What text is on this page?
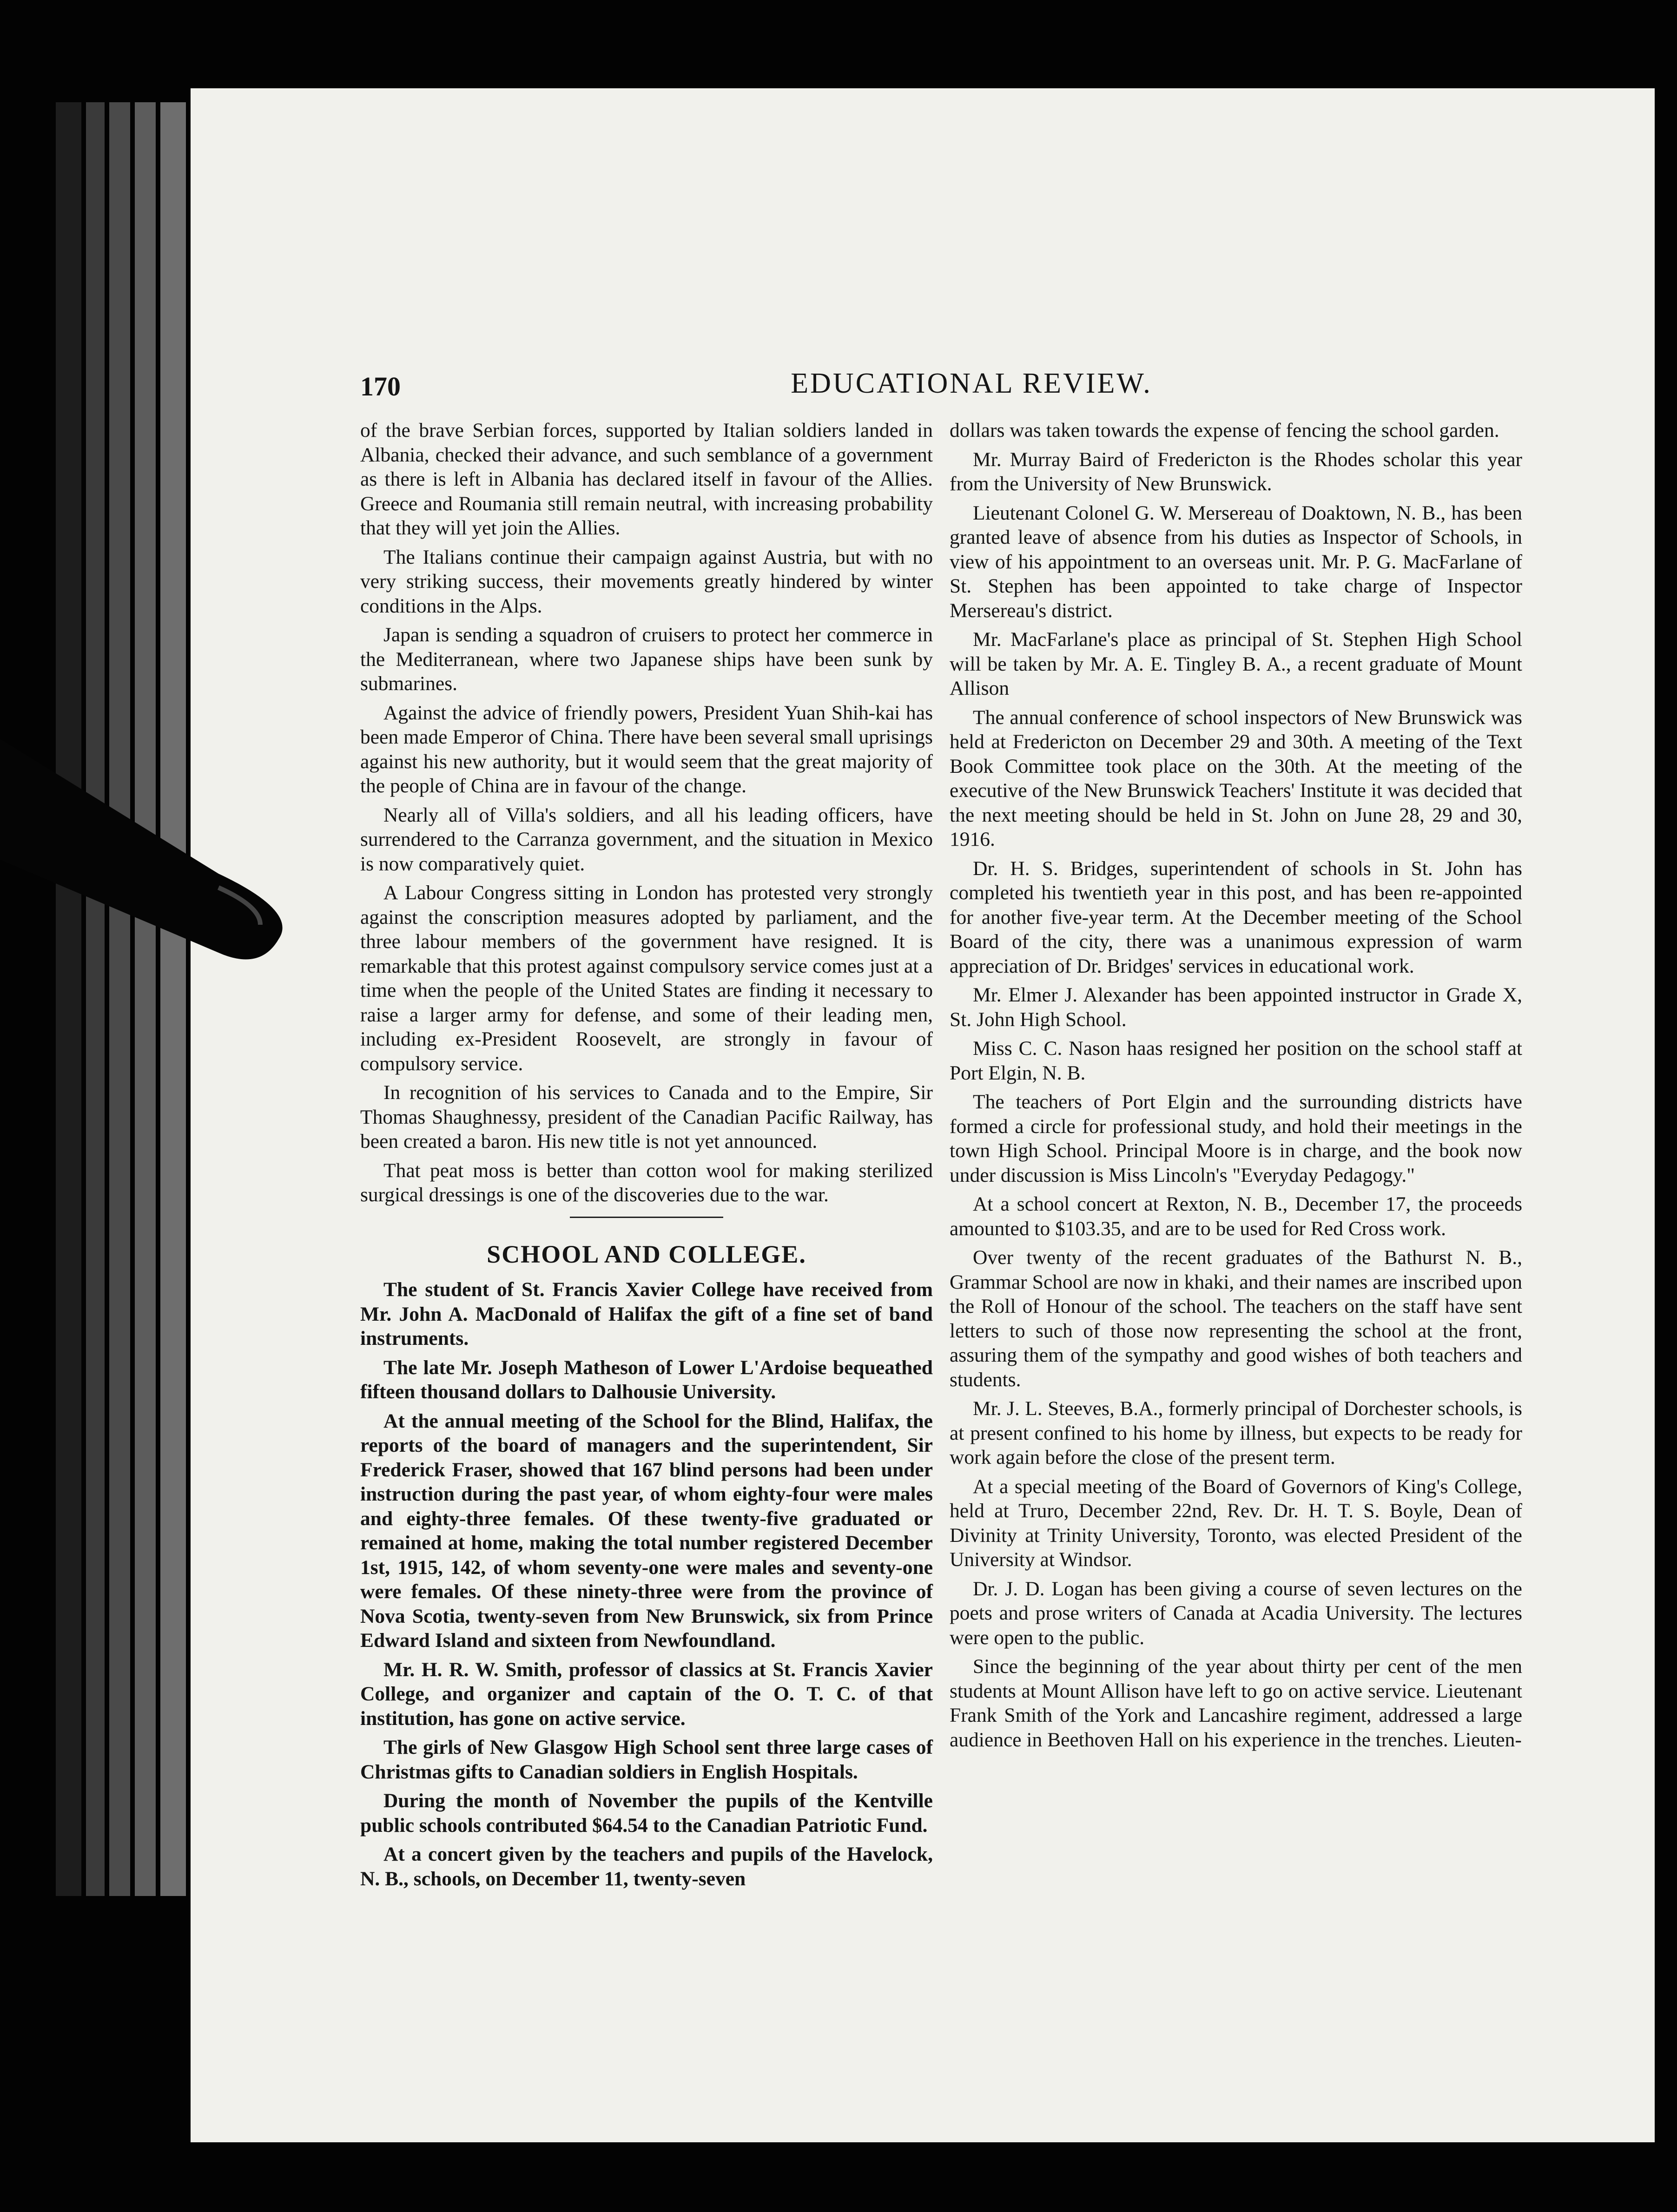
170	EDUCATIONAL REVIEW.

of the brave Serbian forces, supported by Italian soldiers landed in Albania, checked their advance, and such semblance of a government as there is left in Albania has declared itself in favour of the Allies. Greece and Roumania still remain neutral, with increasing probability that they will yet join the Allies.

The Italians continue their campaign against Austria, but with no very striking success, their movements greatly hindered by winter conditions in the Alps.

Japan is sending a squadron of cruisers to protect her commerce in the Mediterranean, where two Japanese ships have been sunk by submarines.

Against the advice of friendly powers, President Yuan Shih-kai has been made Emperor of China. There have been several small uprisings against his new authority, but it would seem that the great majority of the people of China are in favour of the change.

Nearly all of Villa's soldiers, and all his leading officers, have surrendered to the Carranza government, and the situation in Mexico is now comparatively quiet.

A Labour Congress sitting in London has protested very strongly against the conscription measures adopted by parliament, and the three labour members of the government have resigned. It is remarkable that this protest against compulsory service comes just at a time when the people of the United States are finding it necessary to raise a larger army for defense, and some of their leading men, including ex-President Roosevelt, are strongly in favour of compulsory service.

In recognition of his services to Canada and to the Empire, Sir Thomas Shaughnessy, president of the Canadian Pacific Railway, has been created a baron. His new title is not yet announced.

That peat moss is better than cotton wool for making sterilized surgical dressings is one of the discoveries due to the war.

SCHOOL AND COLLEGE.

The student of St. Francis Xavier College have received from Mr. John A. MacDonald of Halifax the gift of a fine set of band instruments.

The late Mr. Joseph Matheson of Lower L'Ardoise bequeathed fifteen thousand dollars to Dalhousie University.

At the annual meeting of the School for the Blind, Halifax, the reports of the board of managers and the superintendent, Sir Frederick Fraser, showed that 167 blind persons had been under instruction during the past year, of whom eighty-four were males and eighty-three females. Of these twenty-five graduated or remained at home, making the total number registered December 1st, 1915, 142, of whom seventy-one were males and seventy-one were females. Of these ninety-three were from the province of Nova Scotia, twenty-seven from New Brunswick, six from Prince Edward Island and sixteen from Newfoundland.

Mr. H. R. W. Smith, professor of classics at St. Francis Xavier College, and organizer and captain of the O. T. C. of that institution, has gone on active service.

The girls of New Glasgow High School sent three large cases of Christmas gifts to Canadian soldiers in English Hospitals.

During the month of November the pupils of the Kentville public schools contributed $64.54 to the Canadian Patriotic Fund.

At a concert given by the teachers and pupils of the Havelock, N. B., schools, on December 11, twenty-seven

dollars was taken towards the expense of fencing the school garden.

Mr. Murray Baird of Fredericton is the Rhodes scholar this year from the University of New Brunswick.

Lieutenant Colonel G. W. Mersereau of Doaktown, N. B., has been granted leave of absence from his duties as Inspector of Schools, in view of his appointment to an overseas unit. Mr. P. G. MacFarlane of St. Stephen has been appointed to take charge of Inspector Mersereau's district.

Mr. MacFarlane's place as principal of St. Stephen High School will be taken by Mr. A. E. Tingley B. A., a recent graduate of Mount Allison

The annual conference of school inspectors of New Brunswick was held at Fredericton on December 29 and 30th. A meeting of the Text Book Committee took place on the 30th. At the meeting of the executive of the New Brunswick Teachers' Institute it was decided that the next meeting should be held in St. John on June 28, 29 and 30, 1916.

Dr. H. S. Bridges, superintendent of schools in St. John has completed his twentieth year in this post, and has been re-appointed for another five-year term. At the December meeting of the School Board of the city, there was a unanimous expression of warm appreciation of Dr. Bridges' services in educational work.

Mr. Elmer J. Alexander has been appointed instructor in Grade X, St. John High School.

Miss C. C. Nason haas resigned her position on the school staff at Port Elgin, N. B.

The teachers of Port Elgin and the surrounding districts have formed a circle for professional study, and hold their meetings in the town High School. Principal Moore is in charge, and the book now under discussion is Miss Lincoln's "Everyday Pedagogy."

At a school concert at Rexton, N. B., December 17, the proceeds amounted to $103.35, and are to be used for Red Cross work.

Over twenty of the recent graduates of the Bathurst N. B., Grammar School are now in khaki, and their names are inscribed upon the Roll of Honour of the school. The teachers on the staff have sent letters to such of those now representing the school at the front, assuring them of the sympathy and good wishes of both teachers and students.

Mr. J. L. Steeves, B.A., formerly principal of Dorchester schools, is at present confined to his home by illness, but expects to be ready for work again before the close of the present term.

At a special meeting of the Board of Governors of King's College, held at Truro, December 22nd, Rev. Dr. H. T. S. Boyle, Dean of Divinity at Trinity University, Toronto, was elected President of the University at Windsor.

Dr. J. D. Logan has been giving a course of seven lectures on the poets and prose writers of Canada at Acadia University. The lectures were open to the public.

Since the beginning of the year about thirty per cent of the men students at Mount Allison have left to go on active service. Lieutenant Frank Smith of the York and Lancashire regiment, addressed a large audience in Beethoven Hall on his experience in the trenches. Lieuten-
